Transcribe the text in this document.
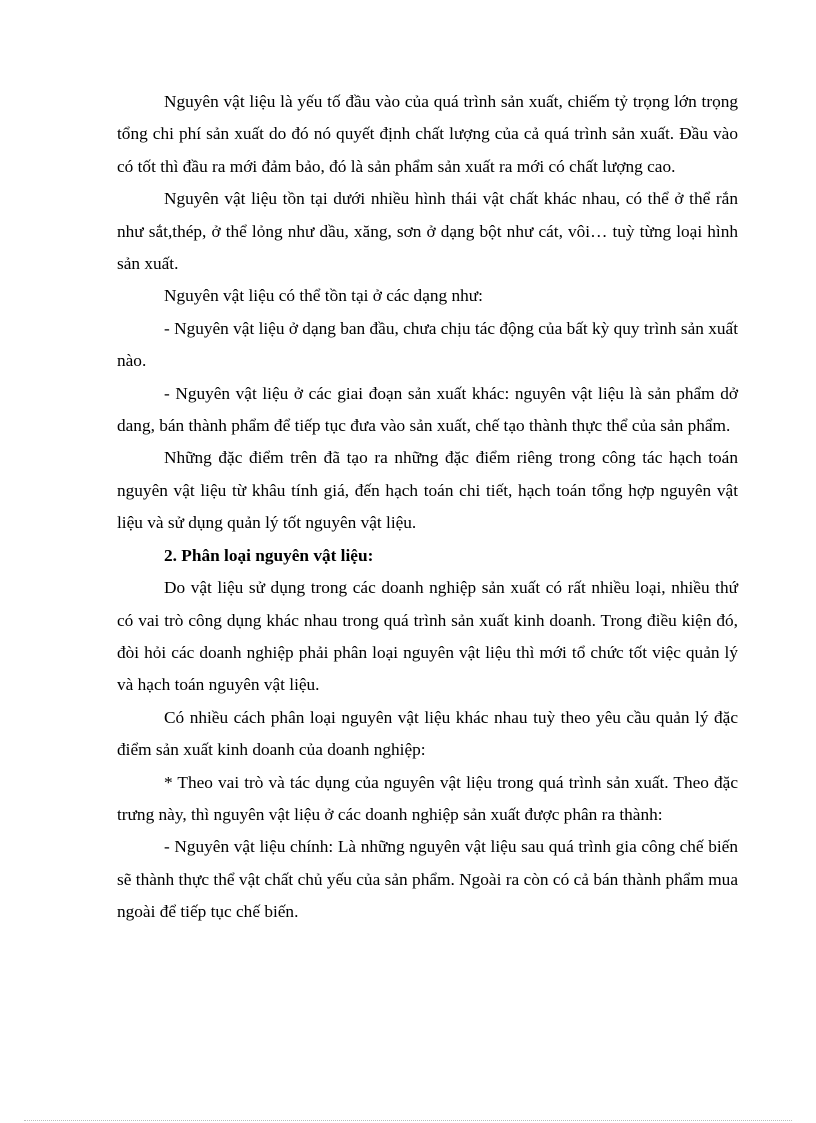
Nguyên vật liệu là yếu tố đầu vào của quá trình sản xuất, chiếm tỷ trọng lớn trọng tổng chi phí sản xuất do đó nó quyết định chất lượng của cả quá trình sản xuất. Đầu vào có tốt thì đầu ra mới đảm bảo, đó là sản phẩm sản xuất ra mới có chất lượng cao.

Nguyên vật liệu tồn tại dưới nhiều hình thái vật chất khác nhau, có thể ở thể rắn như sắt,thép, ở thể lỏng như dầu, xăng, sơn ở dạng bột như cát, vôi… tuỳ từng loại hình sản xuất.

Nguyên vật liệu có thể tồn tại ở các dạng như:

- Nguyên vật liệu ở dạng ban đầu, chưa chịu tác động của bất kỳ quy trình sản xuất nào.

- Nguyên vật liệu ở các giai đoạn sản xuất khác: nguyên vật liệu là sản phẩm dở dang, bán thành phẩm để tiếp tục đưa vào sản xuất, chế tạo thành thực thể của sản phẩm.

Những đặc điểm trên đã tạo ra những đặc điểm riêng trong công tác hạch toán nguyên vật liệu từ khâu tính giá, đến hạch toán chi tiết, hạch toán tổng hợp nguyên vật liệu và sử dụng quản lý tốt nguyên vật liệu.

2. Phân loại nguyên vật liệu:

Do vật liệu sử dụng trong các doanh nghiệp sản xuất có rất nhiều loại, nhiều thứ có vai trò công dụng khác nhau trong quá trình sản xuất kinh doanh. Trong điều kiện đó, đòi hỏi các doanh nghiệp phải phân loại nguyên vật liệu thì mới tổ chức tốt việc quản lý và hạch toán nguyên vật liệu.

Có nhiều cách phân loại nguyên vật liệu khác nhau tuỳ theo yêu cầu quản lý đặc điểm sản xuất kinh doanh của doanh nghiệp:

* Theo vai trò và tác dụng của nguyên vật liệu trong quá trình sản xuất. Theo đặc trưng này, thì nguyên vật liệu ở các doanh nghiệp sản xuất được phân ra thành:

- Nguyên vật liệu chính: Là những nguyên vật liệu sau quá trình gia công chế biến sẽ thành thực thể vật chất chủ yếu của sản phẩm. Ngoài ra còn có cả bán thành phẩm mua ngoài để tiếp tục chế biến.
